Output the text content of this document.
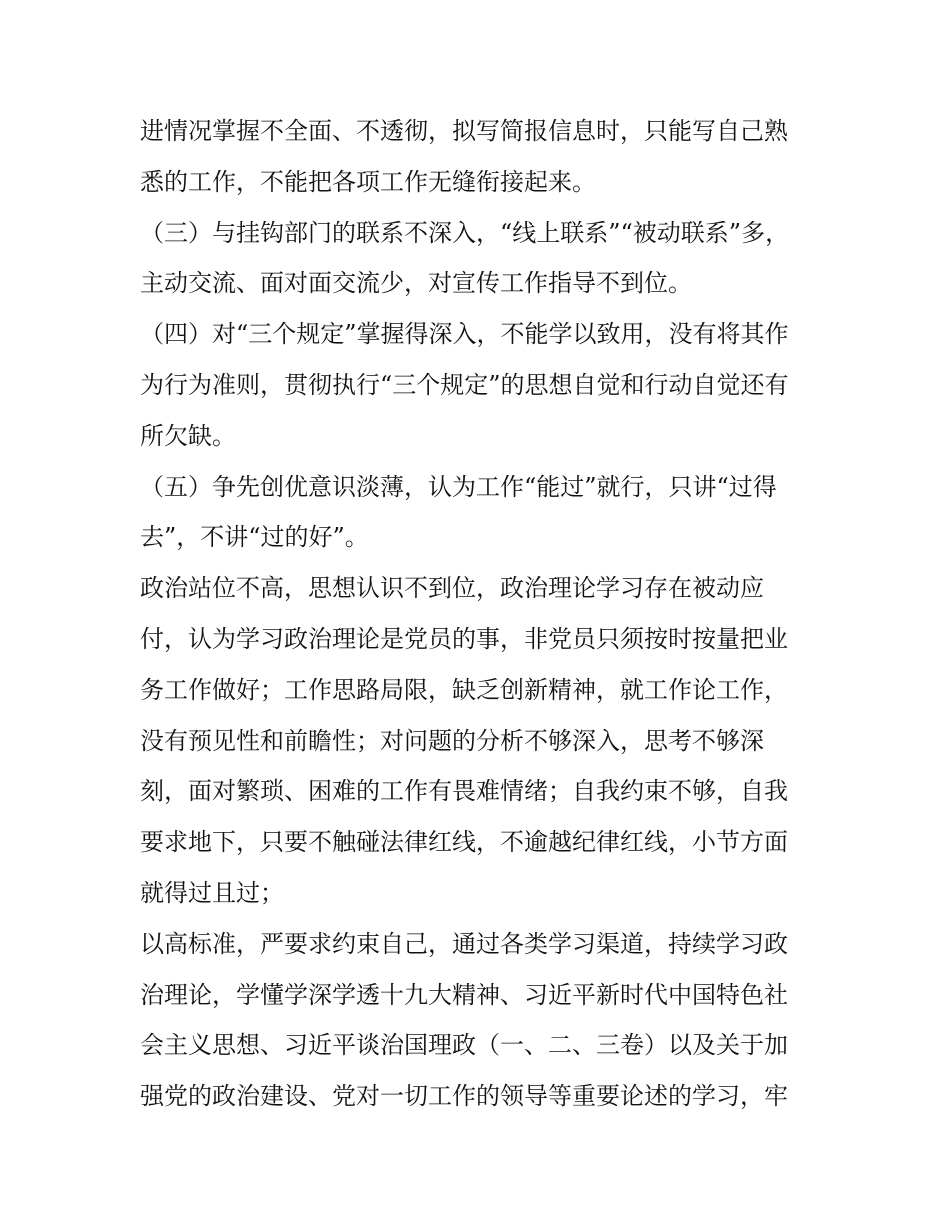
进情况掌握不全面、不透彻，拟写简报信息时，只能写自己熟
悉的工作，不能把各项工作无缝衔接起来。
（三）与挂钩部门的联系不深入，“线上联系”“被动联系”多，
主动交流、面对面交流少，对宣传工作指导不到位。
（四）对“三个规定”掌握得深入，不能学以致用，没有将其作
为行为准则，贯彻执行“三个规定”的思想自觉和行动自觉还有
所欠缺。
（五）争先创优意识淡薄，认为工作“能过”就行，只讲“过得
去”，不讲“过的好”。
政治站位不高，思想认识不到位，政治理论学习存在被动应
付，认为学习政治理论是党员的事，非党员只须按时按量把业
务工作做好；工作思路局限，缺乏创新精神，就工作论工作，
没有预见性和前瞻性；对问题的分析不够深入，思考不够深
刻，面对繁琐、困难的工作有畏难情绪；自我约束不够，自我
要求地下，只要不触碰法律红线，不逾越纪律红线，小节方面
就得过且过；
以高标准，严要求约束自己，通过各类学习渠道，持续学习政
治理论，学懂学深学透十九大精神、习近平新时代中国特色社
会主义思想、习近平谈治国理政（一、二、三卷）以及关于加
强党的政治建设、党对一切工作的领导等重要论述的学习，牢
